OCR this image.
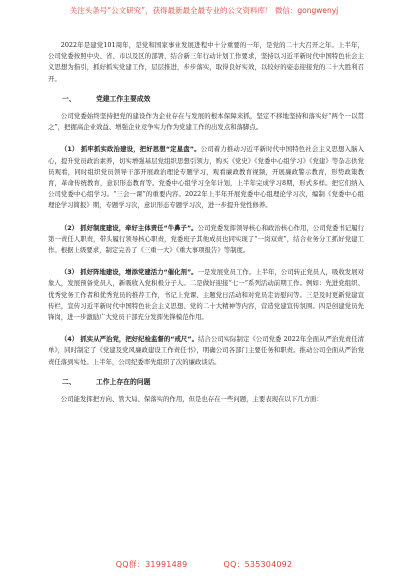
关注头条号“公文研究”，获得最新最全最专业的公文资料库！ 微信：gongwenyj

2022年是建党101周年，是党和国家事业发展进程中十分重要的一年，是党的二十大召开之年。上半年，公司党委按照中央、省、市以及区的部署，结合新三年行动计划工作要求，坚持以习近平新时代中国特色社会主义思想为指引，抓好抓实党建工作，层层推进，步步落实，取得良好实效，以较好的姿态迎接党的二十大胜利召开。

一、	党建工作主要成效

公司党委始终坚持把党的建设作为企业存在与发展的根本保障来抓，坚定不移地坚持和落实好“两个一以贯之”，把握高企业效益、增强企业竞争实力作为党建工作的出发点和落脚点。

（1） 抓牢抓实政治建设，把好思想“定星盘”。公司着力推动习近平新时代中国特色社会主义思想入脑入心，提升党员政治素养，切实增强基层党组织思想引领力，购买《党史》《党委中心组学习》《党建》等杂志供党员观看，同时组织党员领导干部开展政治理论专题学习，观看廉政教育视频，开展廉政警示教育，形势政策教育，革命传统教育，意识形态教育等。党委中心组学习全年计划，上半年完成学习8期，形式多样。把它们纳入公司党委中心组学习。“三会一课”的重要内容。2022年上半年开展党委中心组理论学习次，编制《党委中心组理论学习简报》期，专题学习次，意识形态专题学习次，进一步提升党性修养。

（2） 抓好制度建设，牵好主体责任“牛鼻子”。公司党委发挥领导核心和政治核心作用，公司党委书记履行第一责任人职责，带头履行领导核心职责，党委班子其他成员也同实现了“一岗双责”，结合业务分工抓好党建工作。根据上级要求，制定完善了《三重一大》《重大事项报告》等制度。

（3） 抓好阵地建设，增添党建活力“催化剂”。一是发展党员工作。上半年，公司转正党员人，吸收发展对象人，发展预备党员人，新吸收入党积极分子人。二是做好迎接“七一”系列活动前期工作。例如：先进党组织、优秀党务工作者和优秀党员的推荐工作，书记上党课、主题党日活动和对党员走访慰问等。三是及时更新党建宣传栏，宣传习近平新时代中国特色社会主义思想、党的二十大精神等内容，营造党建宣传氛围。四是创建党员先锋岗，进一步激励广大党员干部充分发挥先锋模范作用。

（4） 抓实从严治党，把好纪检监督的“戒尺”。结合公司实际制定《公司党委 2022年全面从严治党责任清单》，同时制定了《党建及党风廉政建设工作责任书》，明确公司各部门主要任务和职责。推动公司全面从严治党责任落到实处。上半年，公司纪委率先组织了次的廉政谈话。

二、	工作上存在的问题

公司能发挥把方向、管大局、保落实的作用，但是也存在一些问题，主要表现在以下几方面：

QQ群：31991489	QQ：535304092
